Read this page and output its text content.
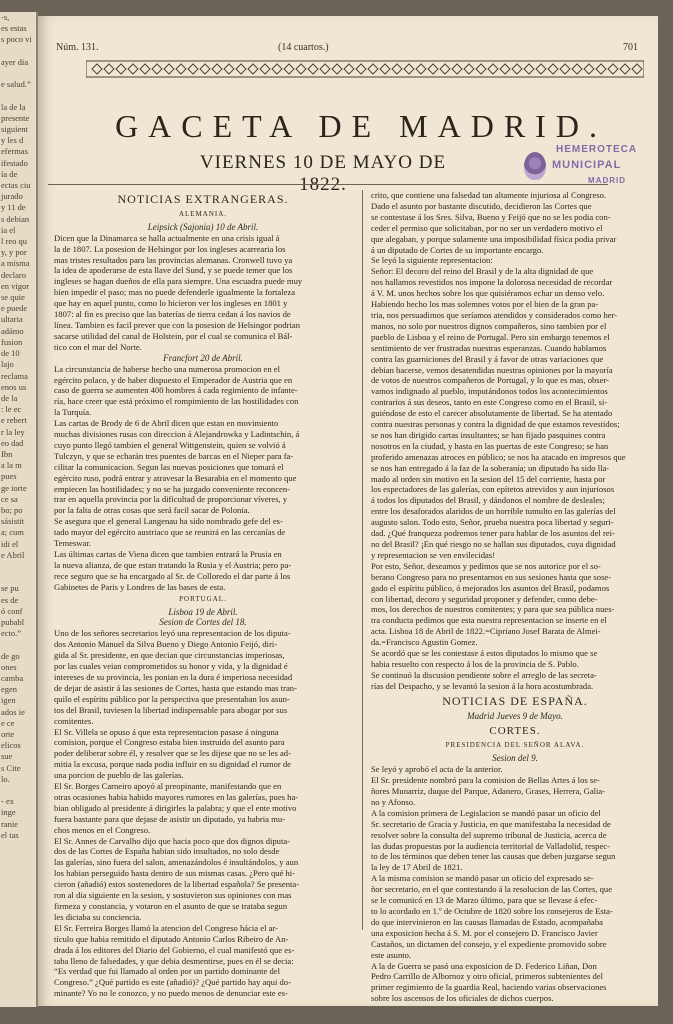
-s,
es estas
s poco vi

ayer dia

e salud.”

la de la
presente
siguient
y les d
efermas
ifestado
ía de
ectas ciu
jurado
y 11 de
s debian
ia el
l reo qu
y, y por
a misma
declaro
en vigor
se quie
e puede
ultaria
adámo
fusion
de 10
lajo
reclama
enos us
de la
: le ec
e rebert
r la ley
eo dad
Ibn
a la m
pues
ge iorte
ce sa
bo; po
sásistit
a; cum
idi el
e Abril

se pu
es de
ó conf
pubabl
ecto.”

de go
ones
camba
egen
igen
ados ie
e ce
orte
elicos
sue
s Cite
lo.

- ex
inge
ranie
el tas
Núm. 131.	(14 cuartos.)	701
GACETA DE MADRID.
VIERNES 10 DE MAYO DE 1822.
HEMEROTECA
MUNICIPAL
MADRID

NOTICIAS EXTRANGERAS.

ALEMANIA.

Leipsick (Sajonia) 10 de Abril.

Dicen que la Dinamarca se halla actualmente en una crisis igual á

la de 1807. La posesion de Helsingor por los ingleses acarrearia los

mas tristes resultados para las provincias alemanas. Cronwell tuvo ya

la idea de apoderarse de esta llave del Sund, y se puede temer que los

ingleses se hagan dueños de ella para siempre. Una escuadra puede muy

bien impedir el paso; mas no puede defenderle igualmente la fortaleza

que hay en aquel punto, como lo hicieron ver los ingleses en 1801 y

1807: al fin es preciso que las baterías de tierra cedan á los navios de

línea. Tambien es facil prever que con la posesion de Helsingor podrian

sacarse utilidad del canal de Holstein, por el cual se comunica el Bál-

tico con el mar del Norte.

Francfort 20 de Abril.

La circunstancia de haberse hecho una numerosa promocion en el

egército polaco, y de haber dispuesto el Emperador de Austria que en

caso de guerra se aumenten 400 hombres á cada regimiento de infante-

ría, hace creer que está próximo el rompimiento de las hostilidades con

la Turquía.

Las cartas de Brody de 6 de Abril dicen que estan en movimiento

muchas divisiones rusas con direccion á Alejandrowka y Ladintschin, á

cuyo punto llegó tambien el general Wittgenstein, quien se volvió á

Tulczyn, y que se echarán tres puentes de barcas en el Nieper para fa-

cilitar la comunicacion. Segun las nuevas posiciones que tomará el

egército ruso, podrá entrar y atravesar la Besarabia en el momento que

empiecen las hostilidades; y no se ha juzgado conveniente reconcen-

trar en aquella provincia por la dificultad de proporcionar víveres, y

por la falta de otras cosas que será facil sacar de Polonia.

Se asegura que el general Langenau ha sido nombrado gefe del es-

tado mayor del egército austriaco que se reunirá en las cercanías de

Temeswar.

Las últimas cartas de Viena dicen que tambien entrará la Prusia en

la nueva alianza, de que estan tratando la Rusia y el Austria; pero pa-

rece seguro que se ha encargado al Sr. de Colloredo el dar parte á los

Gabinetes de Paris y Londres de las bases de esta.

PORTUGAL.

Lisboa 19 de Abril.

Sesion de Cortes del 18.

Uno de los señores secretarios leyó una representacion de los diputa-

dos Antonio Manuel da Silva Bueno y Diego Antonio Feijó, diri-

gida al Sr. presidente, en que decian que circunstancias imperiosas,

por las cuales veian comprometidos su honor y vida, y la dignidad é

intereses de su provincia, les ponian en la dura é imperiosa necesidad

de dejar de asistir á las sesiones de Cortes, hasta que estando mas tran-

quilo el espíritu público por la perspectiva que presentaban los asun-

tos del Brasil, tuviesen la libertad indispensable para abogar por sus

comitentes.

El Sr. Villela se opuso á que esta representacion pasase á ninguna

comision, porque el Congreso estaba bien instruido del asunto para

poder deliberar sobre él, y resolver que se les dijese que no se les ad-

mitia la excusa, porque nada podia influir en su dignidad el rumor de

una porcion de pueblo de las galerías.

El Sr. Borges Carneiro apoyó al preopinante, manifestando que en

otras ocasiones habia habido mayores rumores en las galerías, pues ha-

bian obligado al presidente á dirigirles la palabra; y que el ente motivo

fuera bastante para que dejase de asistir un diputado, ya habria mu-

chos menos en el Congreso.

El Sr. Annes de Carvalho dijo que hacia poco que dos dignos diputa-

dos de las Cortes de España habian sido insultados, no solo desde

las galerías, sino fuera del salon, amenazándolos é insultándolos, y aun

los habian perseguido hasta dentro de sus mismas casas. ¿Pero qué hi-

cieron (añadió) estos sostenedores de la libertad española? Se presenta-

ron al dia siguiente en la sesion, y sostuvieron sus opiniones con mas

firmeza y constancia, y votaron en el asunto de que se trataba segun

les dictaba su conciencia.

El Sr. Ferreira Borges llamó la atencion del Congreso hácia el ar-

tículo que habia remitido el diputado Antonio Carlos Ribeiro de An-

drada á los editores del Diario del Gobierno, el cual manifestó que es-

taba lleno de falsedades, y que debia desmentirse, pues en él se decia:

“Es verdad que fui llamado al orden por un partido dominante del

Congreso.” ¿Qué partido es este (añadió)? ¿Qué partido hay aqui do-

minante? Yo no le conozco, y no puedo menos de denunciar este es-

crito, que contiene una falsedad tan altamente injuriosa al Congreso.

Dado el asunto por bastante discutido, decidieron las Cortes que

se contestase á los Sres. Silva, Bueno y Feijó que no se les podia con-

ceder el permiso que solicitaban, por no ser un verdadero motivo el

que alegaban, y porque sulamente una imposibilidad física podia privar

á un diputado de Cortes de su importante encargo.

Se leyó la siguiente representacion:

Señor: El decoro del reino del Brasil y de la alta dignidad de que

nos hallamos revestidos nos impone la dolorosa necesidad de recordar

á V. M. unos hechos sobre los que quisiéramos echar un denso velo.

Habiendo hecho los mas solemnes votos por el bien de la gran pa-

tria, nos persuadimos que seríamos atendidos y considerados como her-

manos, no solo por nuestros dignos compañeros, sino tambien por el

pueblo de Lisboa y el reino de Portugal. Pero sin embargo tenemos el

sentimiento de ver frustradas nuestras esperanzas. Cuando hablamos

contra las guarniciones del Brasil y á favor de otras variaciones que

debian hacerse, vemos desatendidas nuestras opiniones por la mayoría

de votos de nuestros compañeros de Portugal, y lo que es mas, obser-

vamos indignado al pueblo, imputándonos todos los acontecimientos

contrarios á sus deseos, tanto en este Congreso como en el Brasil, si-

guiéndose de esto el carecer absolutamente de libertad. Se ha atentado

contra nuestras personas y contra la dignidad de que estamos revestidos;

se nos han dirigido cartas insultantes; se han fijado pasquines contra

nosotros en la ciudad, y hasta en las puertas de este Congreso; se han

proferido amenazas atroces en público; se nos ha atacado en impresos que

se nos han entregado á la faz de la soberanía; un diputado ha sido lla-

mado al orden sin motivo en la sesion del 15 del corriente, hasta por

los espectadores de las galerías, con epítetos atrevidos y aun injuriosos

á todos los diputados del Brasil, y dándonos el nombre de desleales;

entre los desaforados alaridos de un horrible tumulto en las galerías del

augusto salon. Todo esto, Señor, prueba nuestra poca libertad y seguri-

dad. ¿Qué franqueza podremos tener para hablar de los asuntos del rei-

no del Brasil? ¡En qué riesgo no se hallan sus diputados, cuya dignidad

y representacion se ven envilecidas!

Por esto, Señor, deseamos y pedimos que se nos autorice por el so-

berano Congreso para no presentarnos en sus sesiones hasta que sose-

gado el espíritu público, ó mejorados los asuntos del Brasil, podamos

con libertad, decoro y seguridad proponer y defender, como debe-

mos, los derechos de nuestros comitentes; y para que sea pública nues-

tra conducta pedimos que esta nuestra representacion se inserte en el

acta. Lisboa 18 de Abril de 1822.=Cipriano Josef Barata de Almei-

da.=Francisco Agustin Gomez.

Se acordó que se les contestase á estos diputados lo mismo que se

habia resuelto con respecto á los de la provincia de S. Pablo.

Se continuó la discusion pendiente sobre el arreglo de las secreta-

rías del Despacho, y se levantó la sesion á la hora acostumbrada.

NOTICIAS DE ESPAÑA.

Madrid Jueves 9 de Mayo.

CORTES.

PRESIDENCIA DEL SEÑOR ALAVA.

Sesion del 9.

Se leyó y aprobó el acta de la anterior.

El Sr. presidente nombró para la comision de Bellas Artes á los se-

ñores Munarriz, duque del Parque, Adanero, Grases, Herrera, Galia-

no y Afonso.

A la comision primera de Legislacion se mandó pasar un oficio del

Sr. secretario de Gracia y Justicia, en que manifestaba la necesidad de

resolver sobre la consulta del supremo tribunal de Justicia, acerca de

las dudas propuestas por la audiencia territorial de Valladolid, respec-

to de los términos que deben tener las causas que deben juzgarse segun

la ley de 17 Abril de 1821.

A la misma comision se mandó pasar un oficio del expresado se-

ñor secretario, en el que contestando á la resolucion de las Cortes, que

se le comunicó en 13 de Marzo último, para que se llevase á efec-

to lo acordado en 1.º de Octubre de 1820 sobre los consejeros de Esta-

do que intervinieron en las causas llamadas de Estado, acompañaba

una exposicion hecha á S. M. por el consejero D. Francisco Javier

Castaños, un dictamen del consejo, y el expediente promovido sobre

este asunto.

A la de Guerra se pasó una exposicion de D. Federico Liñan, Don

Pedro Carrillo de Albornoz y otro oficial, primeros subtenientes del

primer regimiento de la guardia Real, haciendo varias observaciones

sobre los ascensos de los oficiales de dichos cuerpos.
